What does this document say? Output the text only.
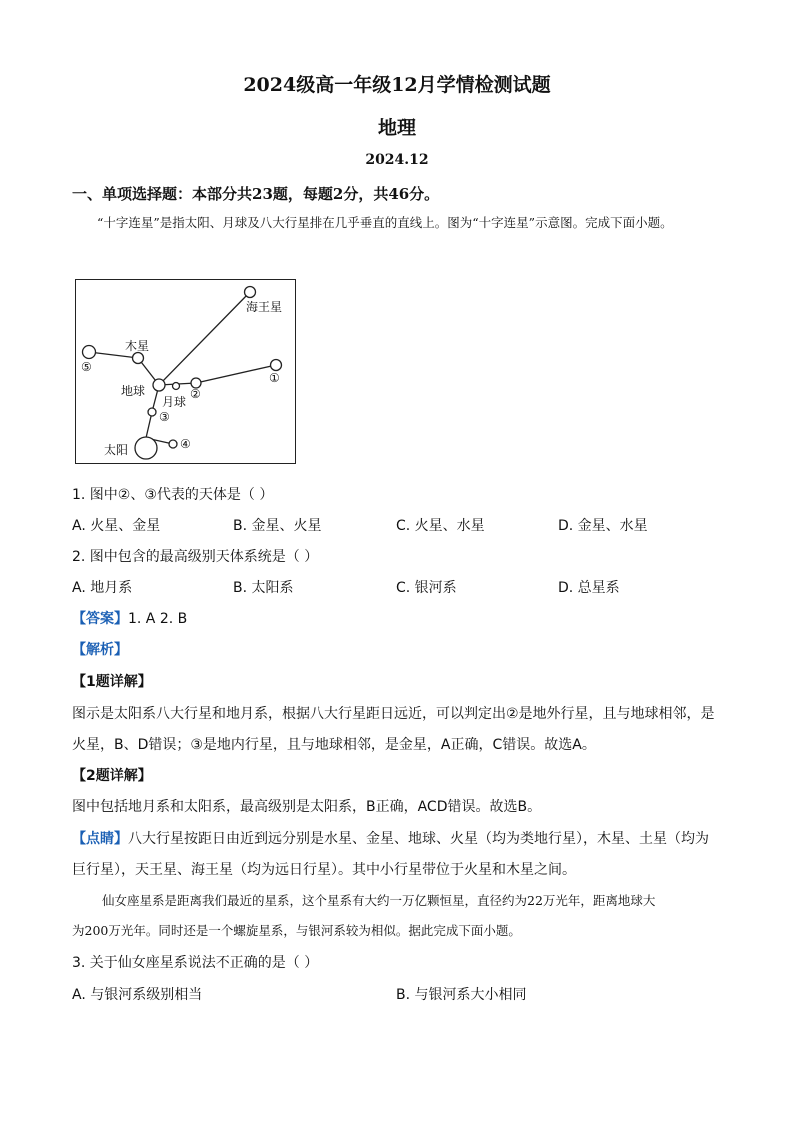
2024级高一年级12月学情检测试题
地理
2024.12
一、单项选择题：本部分共23题，每题2分，共46分。
“十字连星”是指太阳、月球及八大行星排在几乎垂直的直线上。图为“十字连星”示意图。完成下面小题。
海王星
木星
⑤
①
地球
月球
②
③
太阳	④
1. 图中②、③代表的天体是（ ）
A. 火星、金星	B. 金星、火星	C. 火星、水星	D. 金星、水星
2. 图中包含的最高级别天体系统是（ ）
A. 地月系	B. 太阳系	C. 银河系	D. 总星系
【答案】1. A 2. B
【解析】
【1题详解】
图示是太阳系八大行星和地月系，根据八大行星距日远近，可以判定出②是地外行星，且与地球相邻，是
火星，B、D错误；③是地内行星，且与地球相邻，是金星，A正确，C错误。故选A。
【2题详解】
图中包括地月系和太阳系，最高级别是太阳系，B正确，ACD错误。故选B。
【点睛】八大行星按距日由近到远分别是水星、金星、地球、火星（均为类地行星），木星、土星（均为
巨行星），天王星、海王星（均为远日行星）。其中小行星带位于火星和木星之间。
仙女座星系是距离我们最近的星系，这个星系有大约一万亿颗恒星，直径约为22万光年，距离地球大
为200万光年。同时还是一个螺旋星系，与银河系较为相似。据此完成下面小题。
3. 关于仙女座星系说法不正确的是（ ）
A. 与银河系级别相当	B. 与银河系大小相同
